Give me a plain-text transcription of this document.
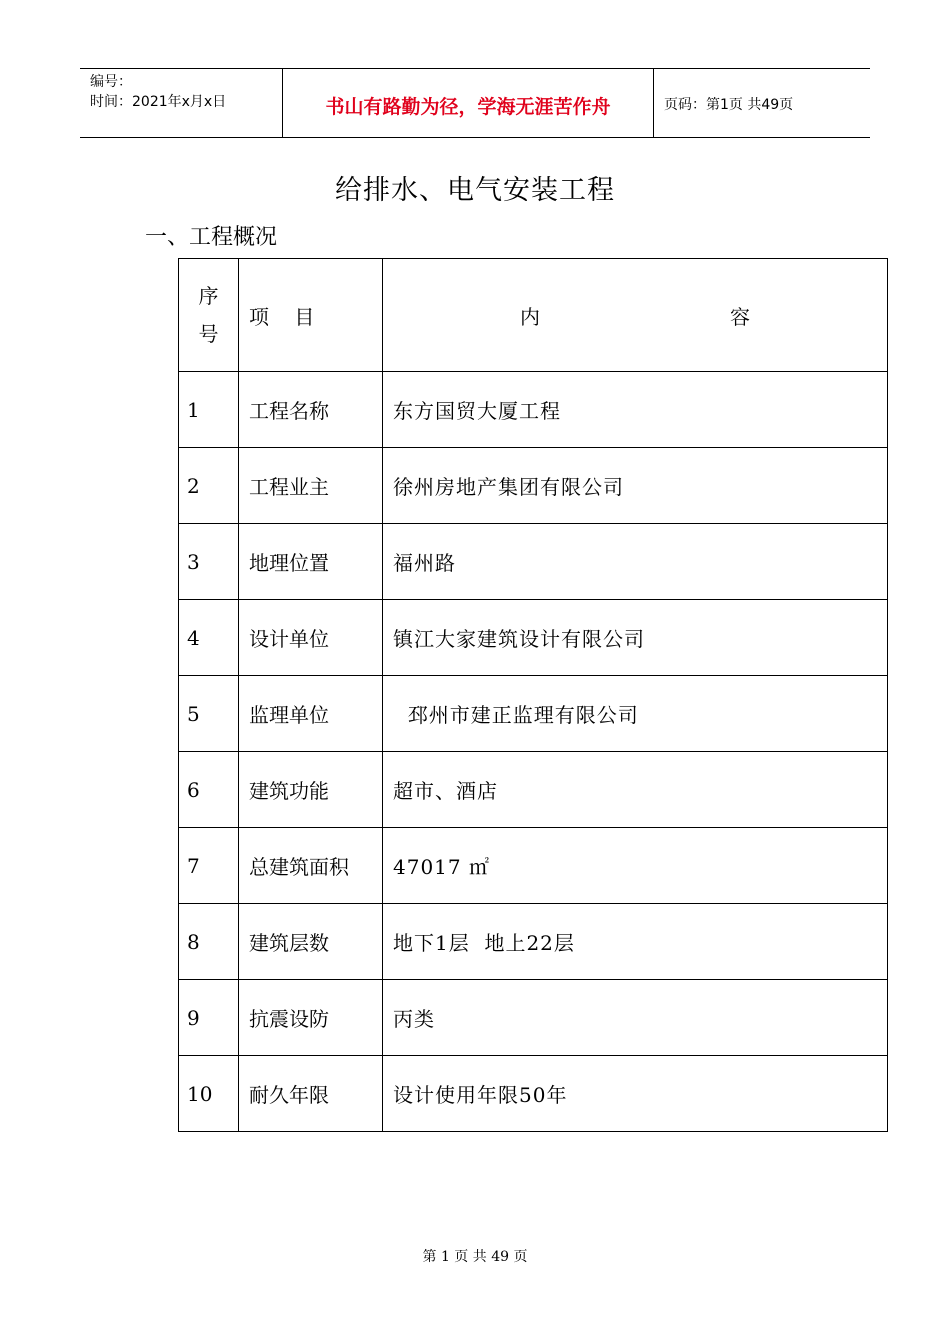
编号：
时间：2021年x月x日	书山有路勤为径，学海无涯苦作舟	页码：第1页 共49页
给排水、电气安装工程
一、工程概况
序
号	项    目	内 容
1	工程名称	东方国贸大厦工程
2	工程业主	徐州房地产集团有限公司
3	地理位置	福州路
4	设计单位	镇江大家建筑设计有限公司
5	监理单位	邳州市建正监理有限公司
6	建筑功能	超市、酒店
7	总建筑面积	47017 ㎡
8	建筑层数	地下1层  地上22层
9	抗震设防	丙类
10	耐久年限	设计使用年限50年
第 1 页 共 49 页
